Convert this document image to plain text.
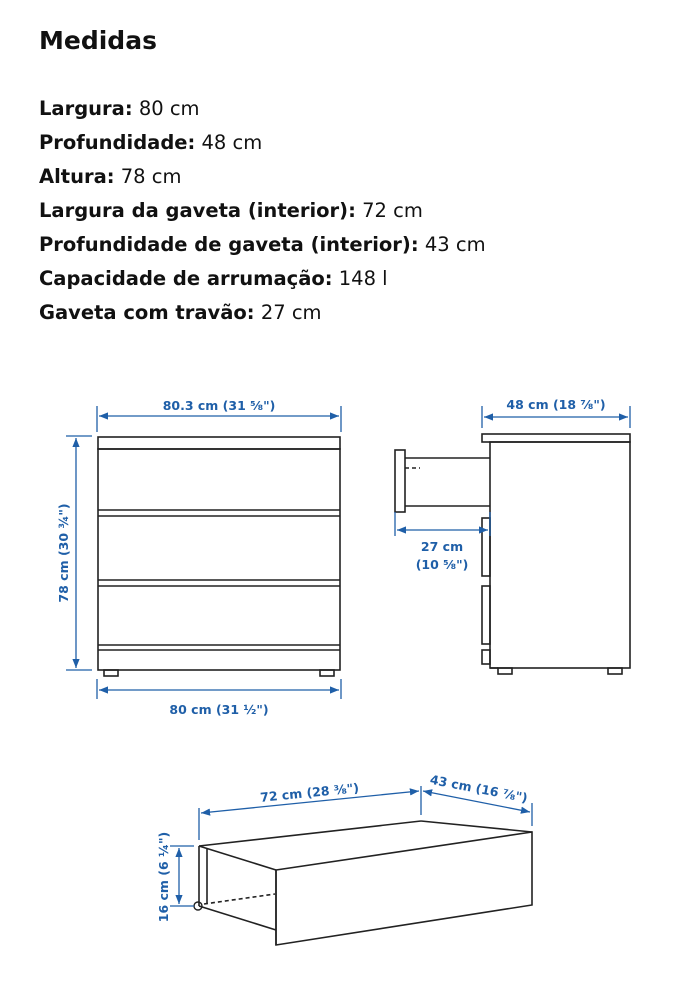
Medidas
Largura: 80 cm
Profundidade: 48 cm
Altura: 78 cm
Largura da gaveta (interior): 72 cm
Profundidade de gaveta (interior): 43 cm
Capacidade de arrumação: 148 l
Gaveta com travão: 27 cm
80.3 cm (31 ⅝")
78 cm (30 ¾")
80 cm (31 ½")
48 cm (18 ⅞")
27 cm
(10 ⅝")
72 cm (28 ⅜")	43 cm (16 ⅞")
16 cm (6 ¼")
